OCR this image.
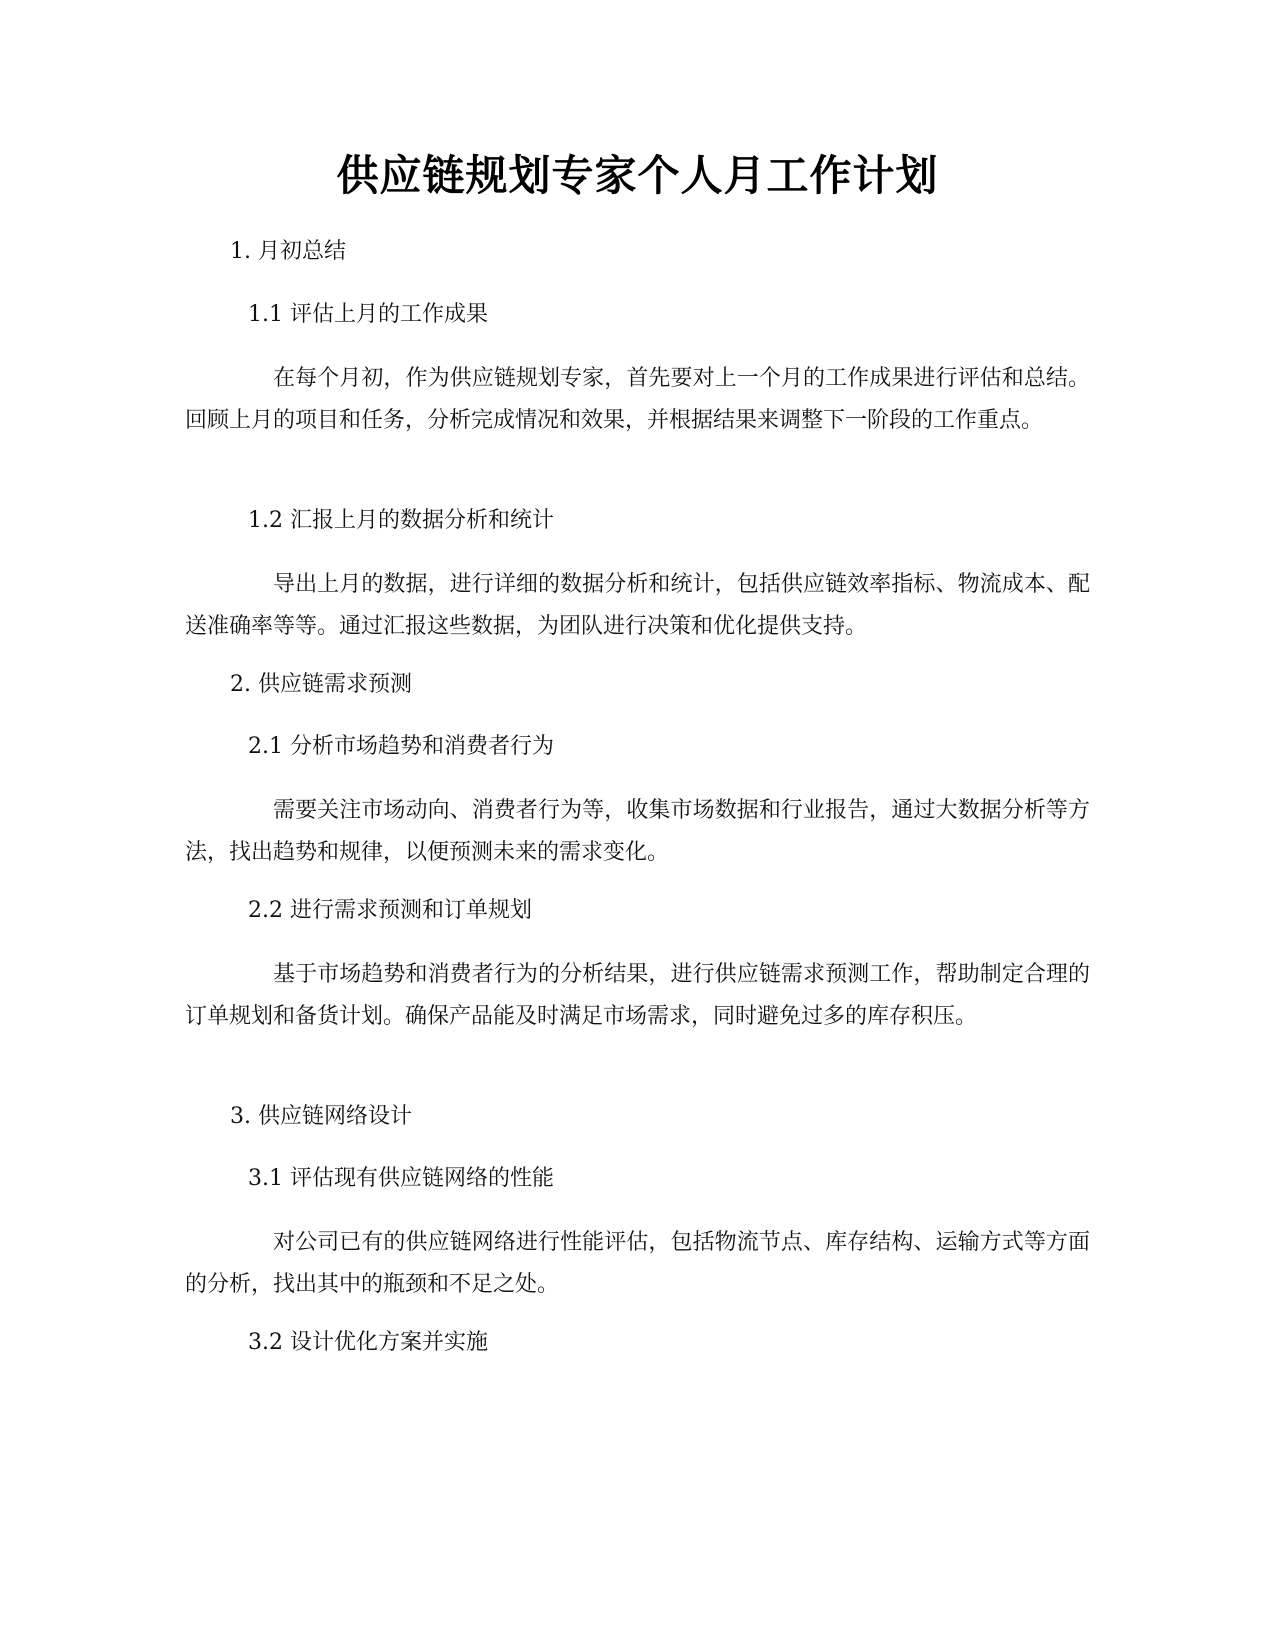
供应链规划专家个人月工作计划
1. 月初总结
1.1 评估上月的工作成果

在每个月初，作为供应链规划专家，首先要对上一个月的工作成果进行评估和总结。回顾上月的项目和任务，分析完成情况和效果，并根据结果来调整下一阶段的工作重点。

1.2 汇报上月的数据分析和统计

导出上月的数据，进行详细的数据分析和统计，包括供应链效率指标、物流成本、配送准确率等等。通过汇报这些数据，为团队进行决策和优化提供支持。

2. 供应链需求预测
2.1 分析市场趋势和消费者行为

需要关注市场动向、消费者行为等，收集市场数据和行业报告，通过大数据分析等方法，找出趋势和规律，以便预测未来的需求变化。

2.2 进行需求预测和订单规划

基于市场趋势和消费者行为的分析结果，进行供应链需求预测工作，帮助制定合理的订单规划和备货计划。确保产品能及时满足市场需求，同时避免过多的库存积压。

3. 供应链网络设计
3.1 评估现有供应链网络的性能

对公司已有的供应链网络进行性能评估，包括物流节点、库存结构、运输方式等方面的分析，找出其中的瓶颈和不足之处。

3.2 设计优化方案并实施
